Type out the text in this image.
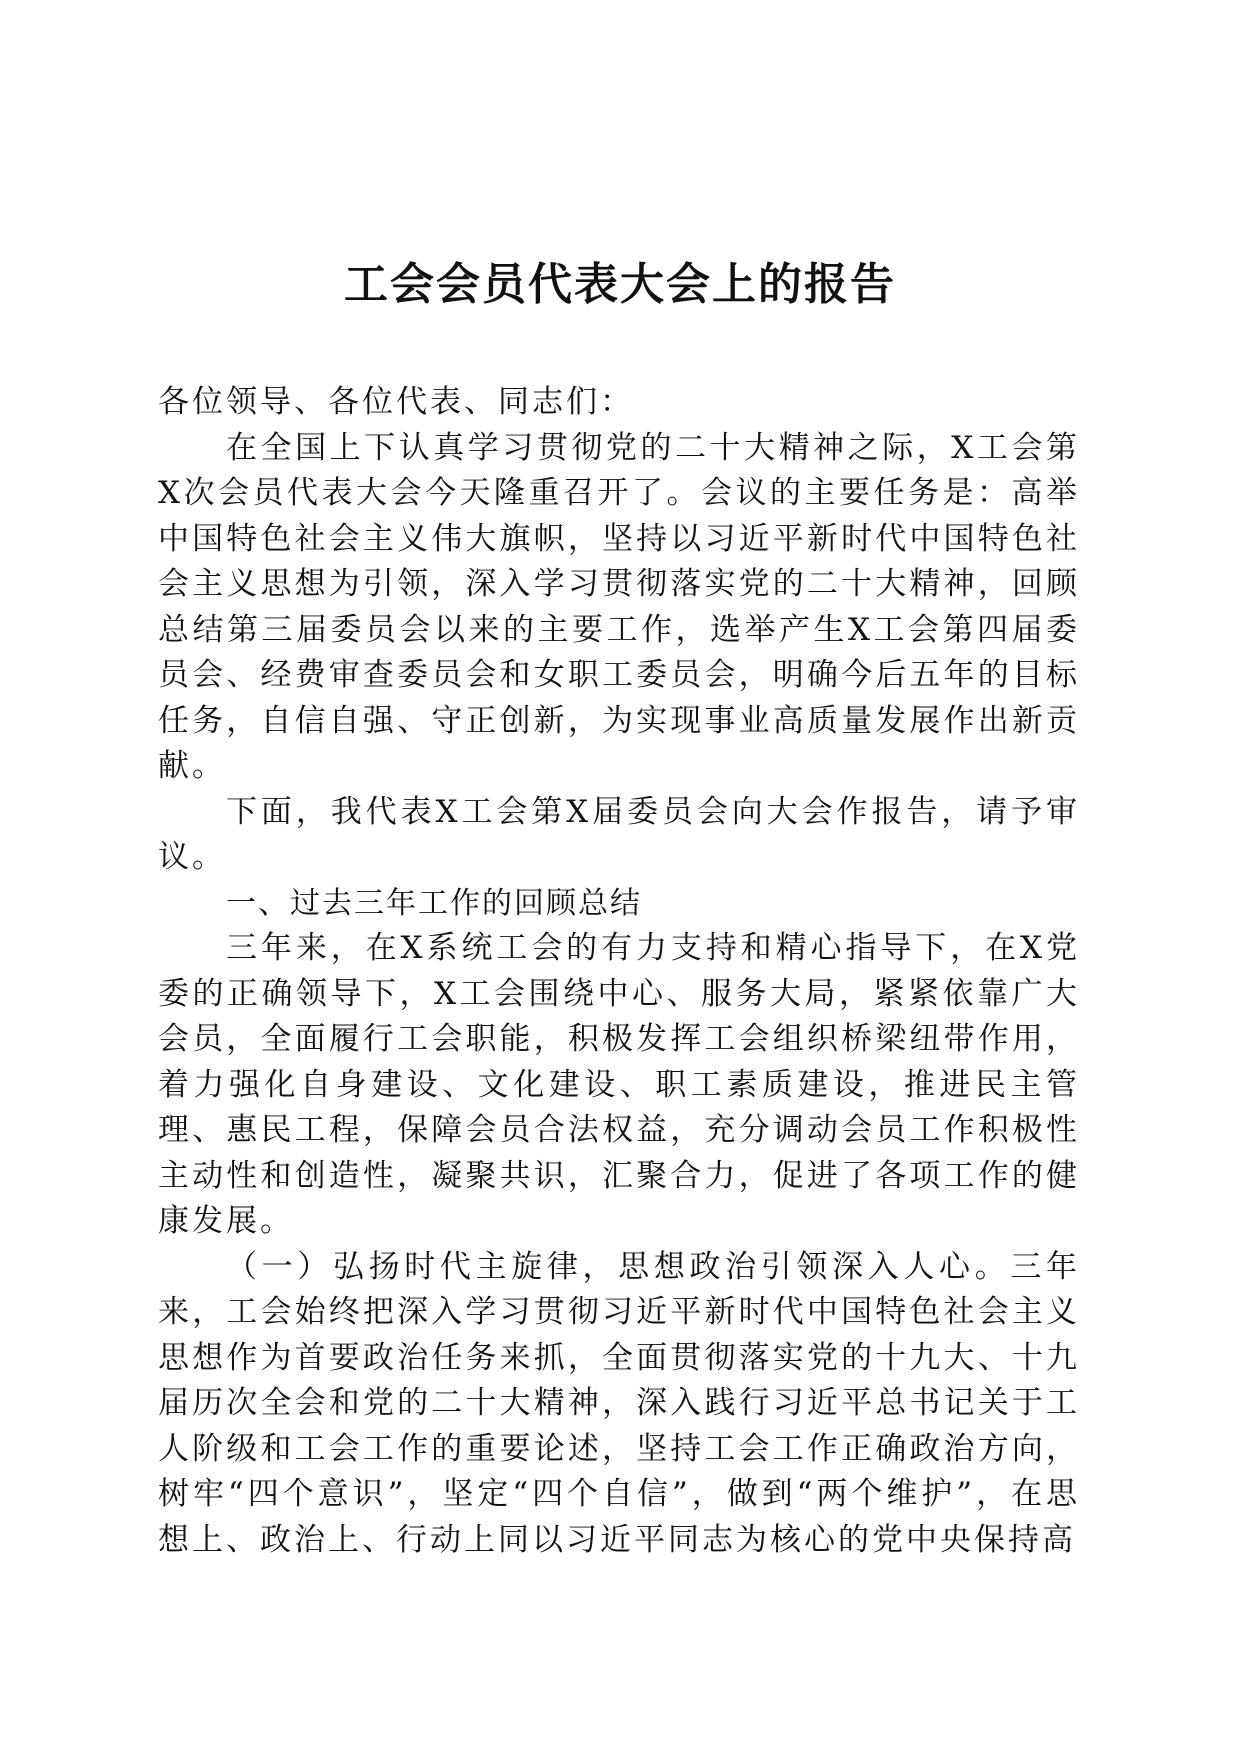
工会会员代表大会上的报告

各位领导、各位代表、同志们：

在全国上下认真学习贯彻党的二十大精神之际，X工会第X次会员代表大会今天隆重召开了。会议的主要任务是：高举中国特色社会主义伟大旗帜，坚持以习近平新时代中国特色社会主义思想为引领，深入学习贯彻落实党的二十大精神，回顾总结第三届委员会以来的主要工作，选举产生X工会第四届委员会、经费审查委员会和女职工委员会，明确今后五年的目标任务，自信自强、守正创新，为实现事业高质量发展作出新贡献。

下面，我代表X工会第X届委员会向大会作报告，请予审议。

一、过去三年工作的回顾总结

三年来，在X系统工会的有力支持和精心指导下，在X党委的正确领导下，X工会围绕中心、服务大局，紧紧依靠广大会员，全面履行工会职能，积极发挥工会组织桥梁纽带作用，着力强化自身建设、文化建设、职工素质建设，推进民主管理、惠民工程，保障会员合法权益，充分调动会员工作积极性主动性和创造性，凝聚共识，汇聚合力，促进了各项工作的健康发展。

（一）弘扬时代主旋律，思想政治引领深入人心。三年来，工会始终把深入学习贯彻习近平新时代中国特色社会主义思想作为首要政治任务来抓，全面贯彻落实党的十九大、十九届历次全会和党的二十大精神，深入践行习近平总书记关于工人阶级和工会工作的重要论述，坚持工会工作正确政治方向，树牢“四个意识”，坚定“四个自信”，做到“两个维护”，在思想上、政治上、行动上同以习近平同志为核心的党中央保持高
